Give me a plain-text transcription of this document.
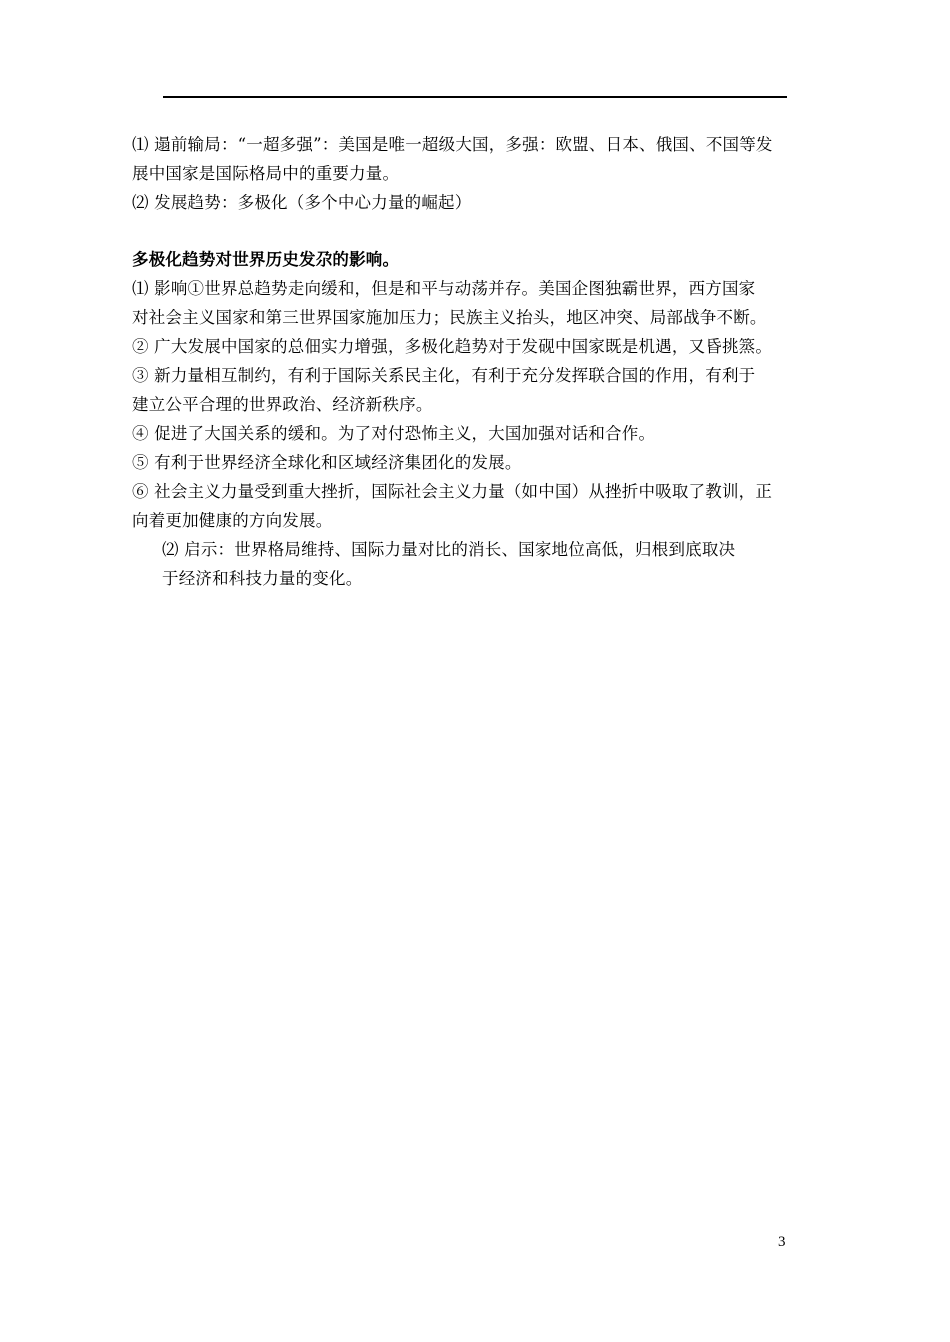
⑴ 遢前输局：“一超多强”：美国是唯一超级大国，多强：欧盟、日本、俄国、不国等发
展中国家是国际格局中的重要力量。
⑵ 发展趋势：多极化（多个中心力量的崛起）
多极化趋势对世界历史发尕的影响。
⑴ 影响①世界总趋势走向缓和，但是和平与动荡并存。美国企图独霸世界，西方国家
对社会主义国家和第三世界国家施加压力；民族主义抬头，地区冲突、局部战争不断。
② 广大发展中国家的总佃实力增强，多极化趋势对于发砚中国家既是机遇，又昏挑篜。
③ 新力量相互制约，有利于国际关系民主化，有利于充分发挥联合国的作用，有利于
建立公平合理的世界政治、经济新秩序。
④ 促进了大国关系的缓和。为了对付恐怖主义，大国加强对话和合作。
⑤ 有利于世界经济全球化和区域经济集团化的发展。
⑥ 社会主义力量受到重大挫折，国际社会主义力量（如中国）从挫折中吸取了教训，正
向着更加健康的方向发展。
⑵ 启示：世界格局维持、国际力量对比的消长、国家地位高低，归根到底取决
于经济和科技力量的变化。
3
